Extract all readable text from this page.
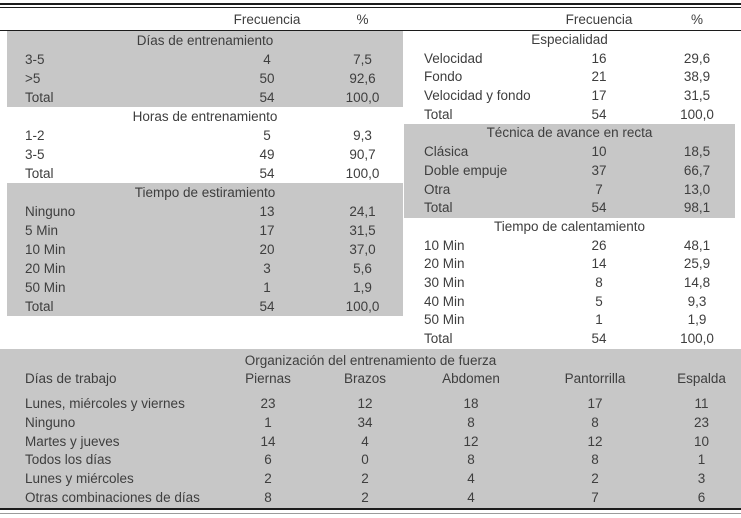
Frecuencia	%	Frecuencia	%
Días de entrenamiento
3-5	4	7,5
>5	50	92,6
Total	54	100,0
Horas de entrenamiento
1-2	5	9,3
3-5	49	90,7
Total	54	100,0
Tiempo de estiramiento
Ninguno	13	24,1
5 Min	17	31,5
10 Min	20	37,0
20 Min	3	5,6
50 Min	1	1,9
Total	54	100,0
Especialidad
Velocidad	16	29,6
Fondo	21	38,9
Velocidad y fondo	17	31,5
Total	54	100,0
Técnica de avance en recta
Clásica	10	18,5
Doble empuje	37	66,7
Otra	7	13,0
Total	54	98,1
Tiempo de calentamiento
10 Min	26	48,1
20 Min	14	25,9
30 Min	8	14,8
40 Min	5	9,3
50 Min	1	1,9
Total	54	100,0
Organización del entrenamiento de fuerza
Días de trabajo	Piernas	Brazos	Abdomen	Pantorrilla	Espalda
Lunes, miércoles y viernes	23	12	18	17	11
Ninguno	1	34	8	8	23
Martes y jueves	14	4	12	12	10
Todos los días	6	0	8	8	1
Lunes y miércoles	2	2	4	2	3
Otras combinaciones de días	8	2	4	7	6
